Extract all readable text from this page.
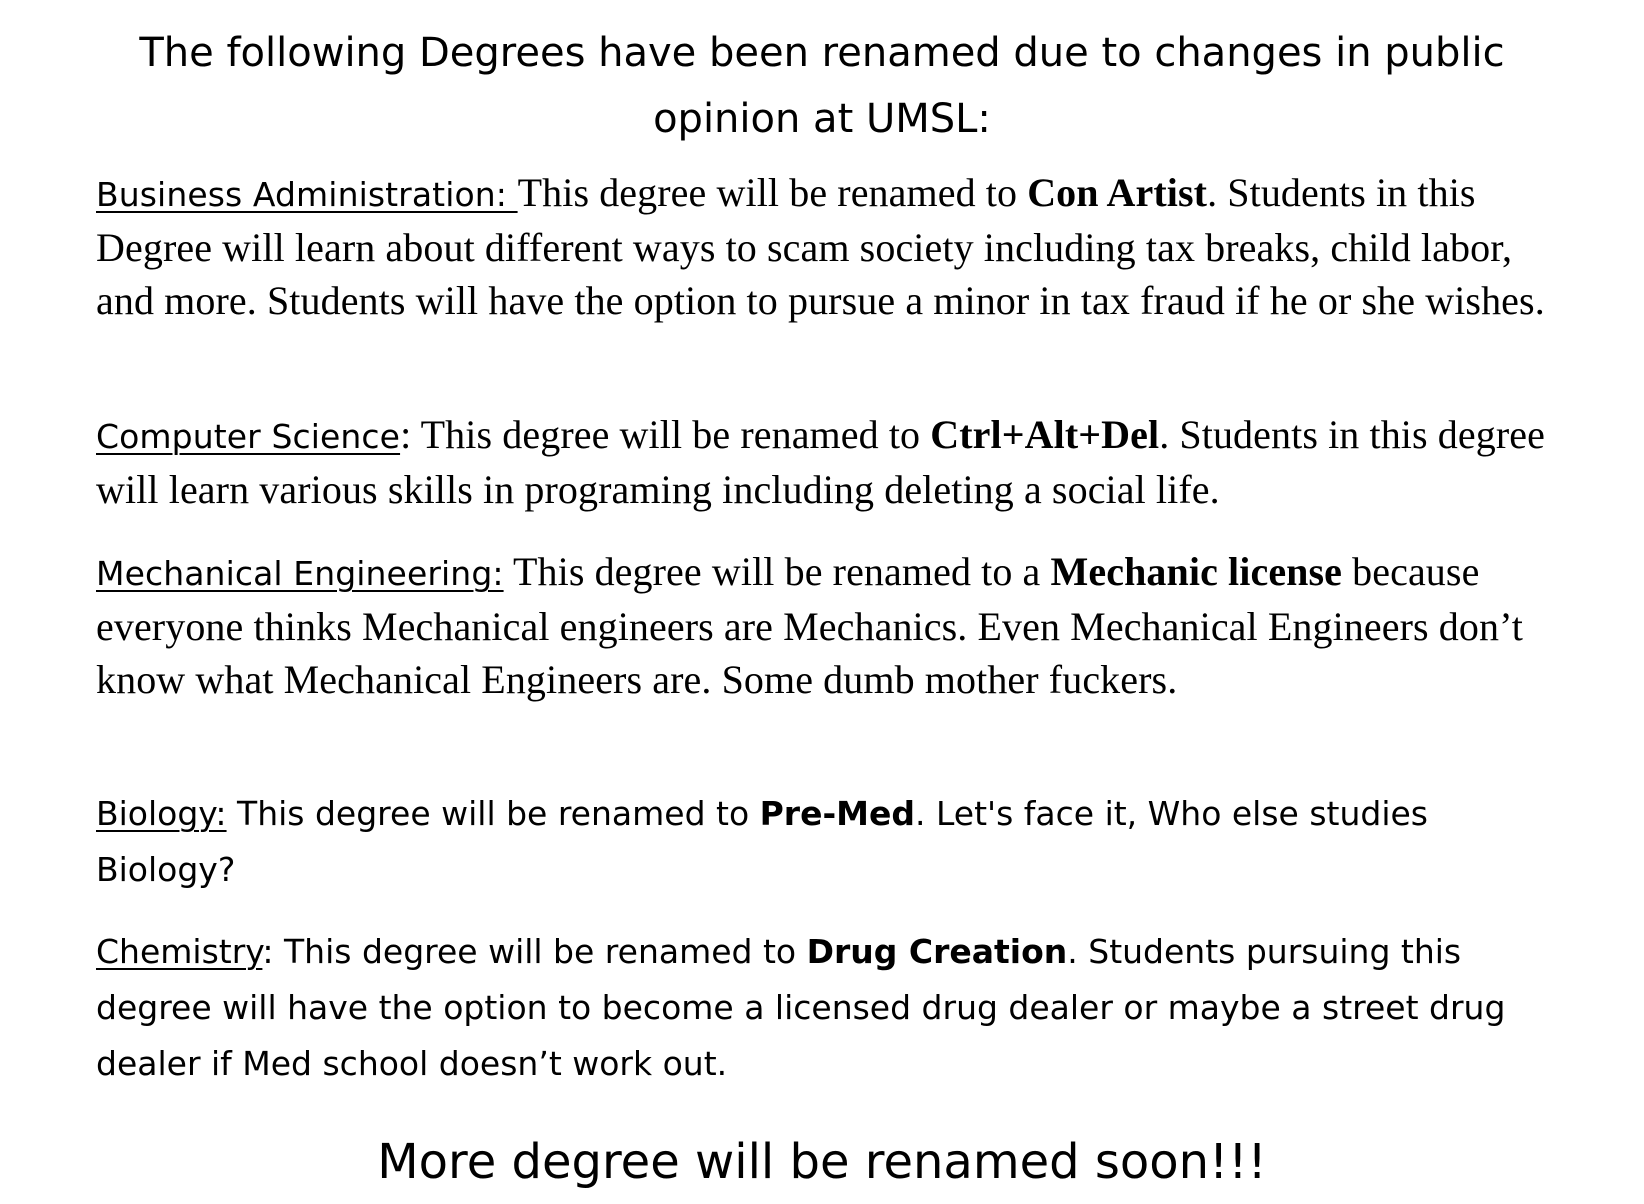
The following Degrees have been renamed due to changes in public opinion at UMSL:

Business Administration: This degree will be renamed to Con Artist. Students in this Degree will learn about different ways to scam society including tax breaks, child labor, and more. Students will have the option to pursue a minor in tax fraud if he or she wishes.

Computer Science: This degree will be renamed to Ctrl+Alt+Del. Students in this degree will learn various skills in programing including deleting a social life.

Mechanical Engineering: This degree will be renamed to a Mechanic license because everyone thinks Mechanical engineers are Mechanics. Even Mechanical Engineers don’t know what Mechanical Engineers are. Some dumb mother fuckers.

Biology: This degree will be renamed to Pre-Med. Let's face it, Who else studies Biology?

Chemistry: This degree will be renamed to Drug Creation. Students pursuing this degree will have the option to become a licensed drug dealer or maybe a street drug dealer if Med school doesn’t work out.

More degree will be renamed soon!!!
